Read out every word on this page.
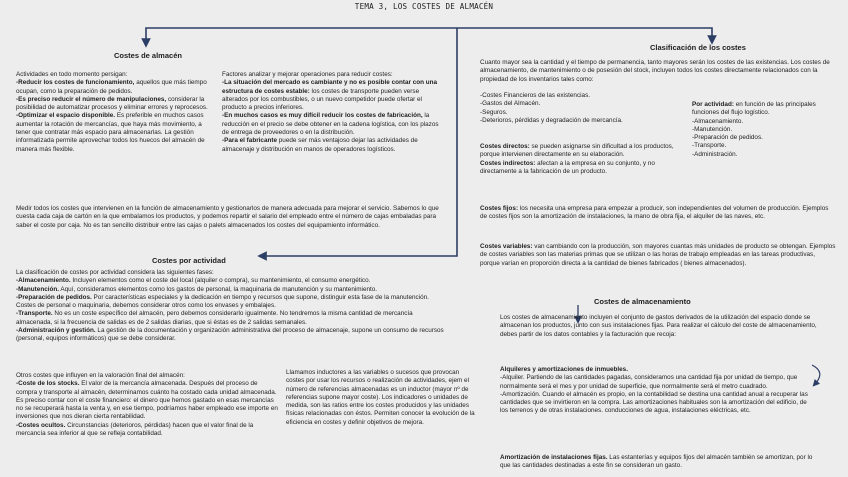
TEMA 3, LOS COSTES DE ALMACÉN
Costes de almacén

Actividades en todo momento persigan:

-Reducir los costes de funcionamiento, aquellos que más tiempo ocupan, como la preparación de pedidos.

-Es preciso reducir el número de manipulaciones, considerar la posibilidad de automatizar procesos y eliminar errores y reprocesos.

-Optimizar el espacio disponible. Es preferible en muchos casos aumentar la rotación de mercancías, que haya más movimiento, a tener que contratar más espacio para almacenarlas. La gestión informatizada permite aprovechar todos los huecos del almacén de manera más flexible.

Factores analizar y mejorar operaciones para reducir costes:

-La situación del mercado es cambiante y no es posible contar con una estructura de costes estable: los costes de transporte pueden verse alterados por los combustibles, o un nuevo competidor puede ofertar el producto a precios inferiores.

-En muchos casos es muy difícil reducir los costes de fabricación, la reducción en el precio se debe obtener en la cadena logística, con los plazos de entrega de proveedores o en la distribución.

-Para el fabricante puede ser más ventajoso dejar las actividades de almacenaje y distribución en manos de operadores logísticos.

Medir todos los costes que intervienen en la función de almacenamiento y gestionarlos de manera adecuada para mejorar el servicio. Sabemos lo que cuesta cada caja de cartón en la que embalamos los productos, y podemos repartir el salario del empleado entre el número de cajas embaladas para saber el coste por caja. No es tan sencillo distribuir entre las cajas o palets almacenados los costes del equipamiento informático.
Costes por actividad

La clasificación de costes por actividad considera las siguientes fases:

-Almacenamiento. Incluyen elementos como el coste del local (alquiler o compra), su mantenimiento, el consumo energético.

-Manutención. Aquí, consideramos elementos como los gastos de personal, la maquinaria de manutención y su mantenimiento.

-Preparación de pedidos. Por características especiales y la dedicación en tiempo y recursos que supone, distinguir esta fase de la manutención. Costes de personal o maquinaria, debemos considerar otros como los envases y embalajes.

-Transporte. No es un coste específico del almacén, pero debemos considerarlo igualmente. No tendremos la misma cantidad de mercancía almacenada, si la frecuencia de salidas es de 2 salidas diarias, que si éstas es de 2 salidas semanales.

-Administración y gestión. La gestión de la documentación y organización administrativa del proceso de almacenaje, supone un consumo de recursos (personal, equipos informáticos) que se debe considerar.

Otros costes que influyen en la valoración final del almacén:

-Coste de los stocks. El valor de la mercancía almacenada. Después del proceso de compra y transporte al almacén, determinamos cuánto ha costado cada unidad almacenada. Es preciso contar con el coste financiero: el dinero que hemos gastado en esas mercancías no se recuperará hasta la venta y, en ese tiempo, podríamos haber empleado ese importe en inversiones que nos dieran cierta rentabilidad.

-Costes ocultos. Circunstancias (deterioros, pérdidas) hacen que el valor final de la mercancía sea inferior al que se refleja contabilidad.

Llamamos inductores a las variables o sucesos que provocan costes por usar los recursos o realización de actividades, ejem el número de referencias almacenadas es un inductor (mayor nº de referencias supone mayor coste). Los indicadores o unidades de medida, son las ratios entre los costes producidos y las unidades físicas relacionadas con éstos. Permiten conocer la evolución de la eficiencia en costes y definir objetivos de mejora.
Clasificación de los costes
Cuanto mayor sea la cantidad y el tiempo de permanencia, tanto mayores serán los costes de las existencias. Los costes de almacenamiento, de mantenimiento o de posesión del stock, incluyen todos los costes directamente relacionados con la propiedad de los inventarios tales como:

-Costes Financieros de las existencias.

-Gastos del Almacén.

-Seguros.

-Deterioros, pérdidas y degradación de mercancía.

Por actividad: en función de las principales funciones del flujo logístico.

-Almacenamiento.

-Manutención.

-Preparación de pedidos.

-Transporte.

-Administración.

Costes directos: se pueden asignarse sin dificultad a los productos, porque intervienen directamente en su elaboración.

Costes indirectos: afectan a la empresa en su conjunto, y no directamente a la fabricación de un producto.

Costes fijos: los necesita una empresa para empezar a producir, son independientes del volumen de producción. Ejemplos de costes fijos son la amortización de instalaciones, la mano de obra fija, el alquiler de las naves, etc.

Costes variables: van cambiando con la producción, son mayores cuantas más unidades de producto se obtengan. Ejemplos de costes variables son las materias primas que se utilizan o las horas de trabajo empleadas en las tareas productivas, porque varían en proporción directa a la cantidad de bienes fabricados ( bienes almacenados).

Costes de almacenamiento
Los costes de almacenamiento incluyen el conjunto de gastos derivados de la utilización del espacio donde se almacenan los productos, junto con sus instalaciones fijas. Para realizar el cálculo del coste de almacenamiento, debes partir de los datos contables y la facturación que recoja:

Alquileres y amortizaciones de inmuebles.

-Alquiler. Partiendo de las cantidades pagadas, consideramos una cantidad fija por unidad de tiempo, que normalmente será el mes y por unidad de superficie, que normalmente será el metro cuadrado.

-Amortización. Cuando el almacén es propio, en la contabilidad se destina una cantidad anual a recuperar las cantidades que se invirtieron en la compra. Las amortizaciones habituales son la amortización del edificio, de los terrenos y de otras instalaciones. conducciones de agua, instalaciones eléctricas, etc.

Amortización de instalaciones fijas. Las estanterías y equipos fijos del almacén también se amortizan, por lo que las cantidades destinadas a este fin se consideran un gasto.
